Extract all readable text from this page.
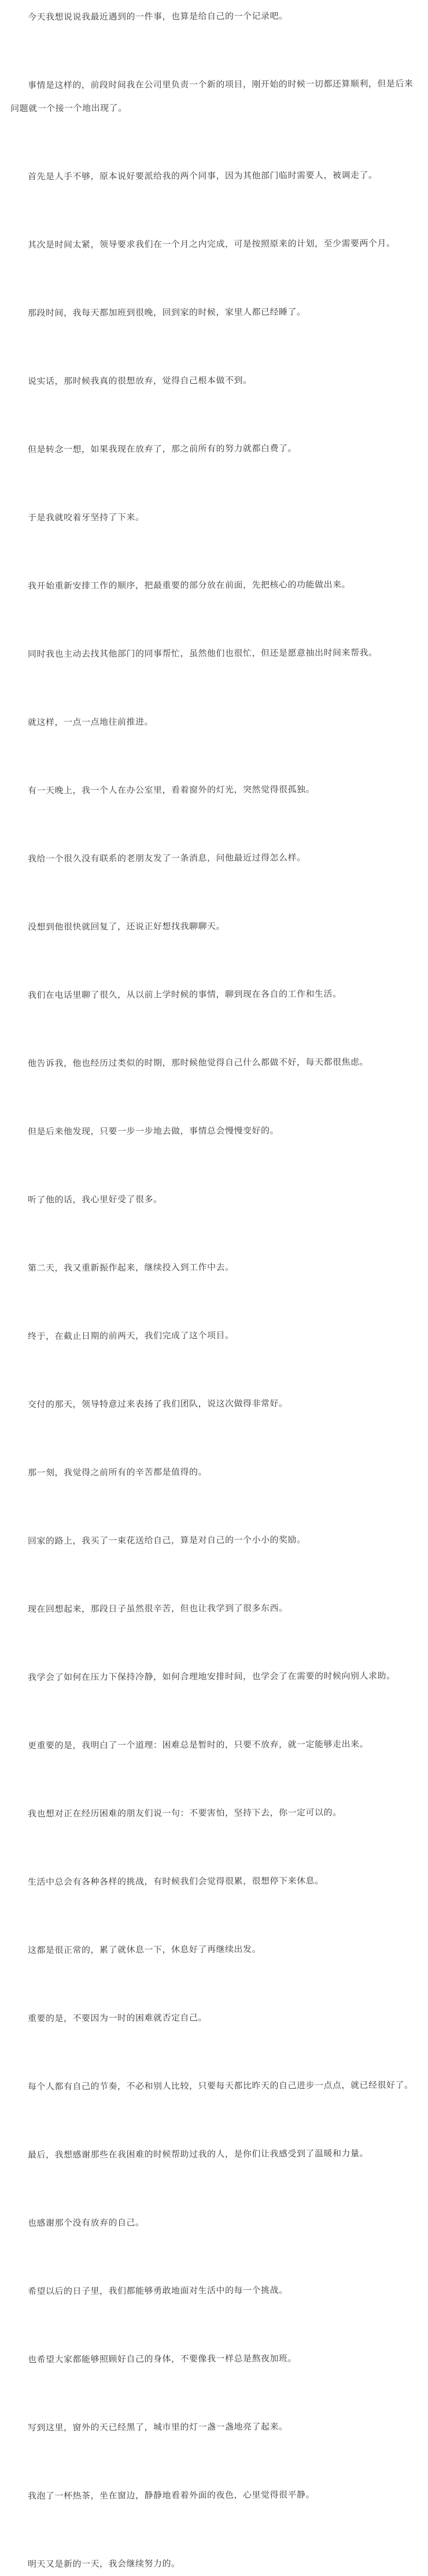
今天我想说说我最近遇到的一件事，也算是给自己的一个记录吧。

事情是这样的，前段时间我在公司里负责一个新的项目，刚开始的时候一切都还算顺利，但是后来问题就一个接一个地出现了。

首先是人手不够，原本说好要派给我的两个同事，因为其他部门临时需要人，被调走了。

其次是时间太紧，领导要求我们在一个月之内完成，可是按照原来的计划，至少需要两个月。

那段时间，我每天都加班到很晚，回到家的时候，家里人都已经睡了。

说实话，那时候我真的很想放弃，觉得自己根本做不到。

但是转念一想，如果我现在放弃了，那之前所有的努力就都白费了。

于是我就咬着牙坚持了下来。

我开始重新安排工作的顺序，把最重要的部分放在前面，先把核心的功能做出来。

同时我也主动去找其他部门的同事帮忙，虽然他们也很忙，但还是愿意抽出时间来帮我。

就这样，一点一点地往前推进。

有一天晚上，我一个人在办公室里，看着窗外的灯光，突然觉得很孤独。

我给一个很久没有联系的老朋友发了一条消息，问他最近过得怎么样。

没想到他很快就回复了，还说正好想找我聊聊天。

我们在电话里聊了很久，从以前上学时候的事情，聊到现在各自的工作和生活。

他告诉我，他也经历过类似的时期，那时候他觉得自己什么都做不好，每天都很焦虑。

但是后来他发现，只要一步一步地去做，事情总会慢慢变好的。

听了他的话，我心里好受了很多。

第二天，我又重新振作起来，继续投入到工作中去。

终于，在截止日期的前两天，我们完成了这个项目。

交付的那天，领导特意过来表扬了我们团队，说这次做得非常好。

那一刻，我觉得之前所有的辛苦都是值得的。

回家的路上，我买了一束花送给自己，算是对自己的一个小小的奖励。

现在回想起来，那段日子虽然很辛苦，但也让我学到了很多东西。

我学会了如何在压力下保持冷静，如何合理地安排时间，也学会了在需要的时候向别人求助。

更重要的是，我明白了一个道理：困难总是暂时的，只要不放弃，就一定能够走出来。

我也想对正在经历困难的朋友们说一句：不要害怕，坚持下去，你一定可以的。

生活中总会有各种各样的挑战，有时候我们会觉得很累，很想停下来休息。

这都是很正常的，累了就休息一下，休息好了再继续出发。

重要的是，不要因为一时的困难就否定自己。

每个人都有自己的节奏，不必和别人比较，只要每天都比昨天的自己进步一点点，就已经很好了。

最后，我想感谢那些在我困难的时候帮助过我的人，是你们让我感受到了温暖和力量。

也感谢那个没有放弃的自己。

希望以后的日子里，我们都能够勇敢地面对生活中的每一个挑战。

也希望大家都能够照顾好自己的身体，不要像我一样总是熬夜加班。

写到这里，窗外的天已经黑了，城市里的灯一盏一盏地亮了起来。

我泡了一杯热茶，坐在窗边，静静地看着外面的夜色，心里觉得很平静。

明天又是新的一天，我会继续努力的。
